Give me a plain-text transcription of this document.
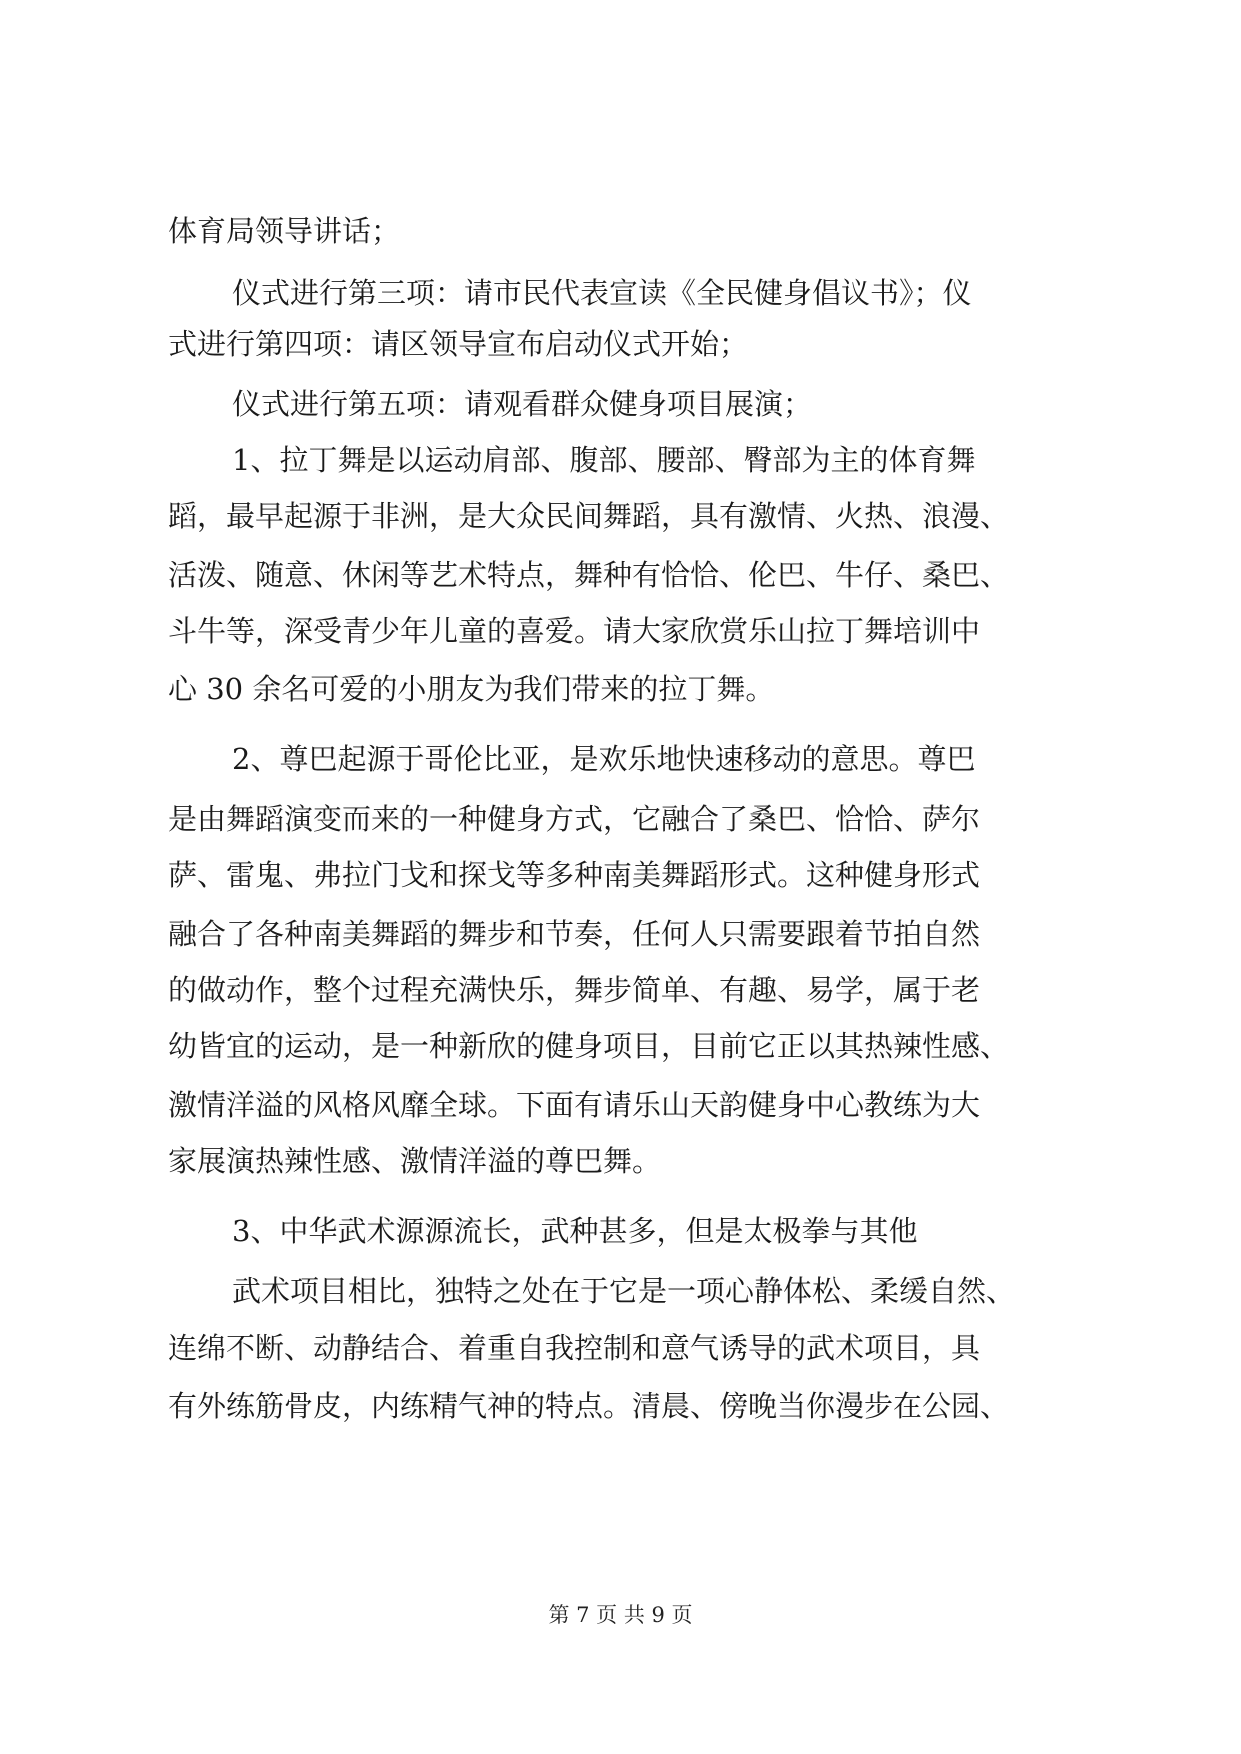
体育局领导讲话；
仪式进行第三项：请市民代表宣读《全民健身倡议书》；仪
式进行第四项：请区领导宣布启动仪式开始；
仪式进行第五项：请观看群众健身项目展演；
1、拉丁舞是以运动肩部、腹部、腰部、臀部为主的体育舞
蹈，最早起源于非洲，是大众民间舞蹈，具有激情、火热、浪漫、
活泼、随意、休闲等艺术特点，舞种有恰恰、伦巴、牛仔、桑巴、
斗牛等，深受青少年儿童的喜爱。请大家欣赏乐山拉丁舞培训中
心 30 余名可爱的小朋友为我们带来的拉丁舞。
2、尊巴起源于哥伦比亚，是欢乐地快速移动的意思。尊巴
是由舞蹈演变而来的一种健身方式，它融合了桑巴、恰恰、萨尔
萨、雷鬼、弗拉门戈和探戈等多种南美舞蹈形式。这种健身形式
融合了各种南美舞蹈的舞步和节奏，任何人只需要跟着节拍自然
的做动作，整个过程充满快乐，舞步简单、有趣、易学，属于老
幼皆宜的运动，是一种新欣的健身项目，目前它正以其热辣性感、
激情洋溢的风格风靡全球。下面有请乐山天韵健身中心教练为大
家展演热辣性感、激情洋溢的尊巴舞。
3、中华武术源源流长，武种甚多，但是太极拳与其他
武术项目相比，独特之处在于它是一项心静体松、柔缓自然、
连绵不断、动静结合、着重自我控制和意气诱导的武术项目，具
有外练筋骨皮，内练精气神的特点。清晨、傍晚当你漫步在公园、
第 7 页 共 9 页
